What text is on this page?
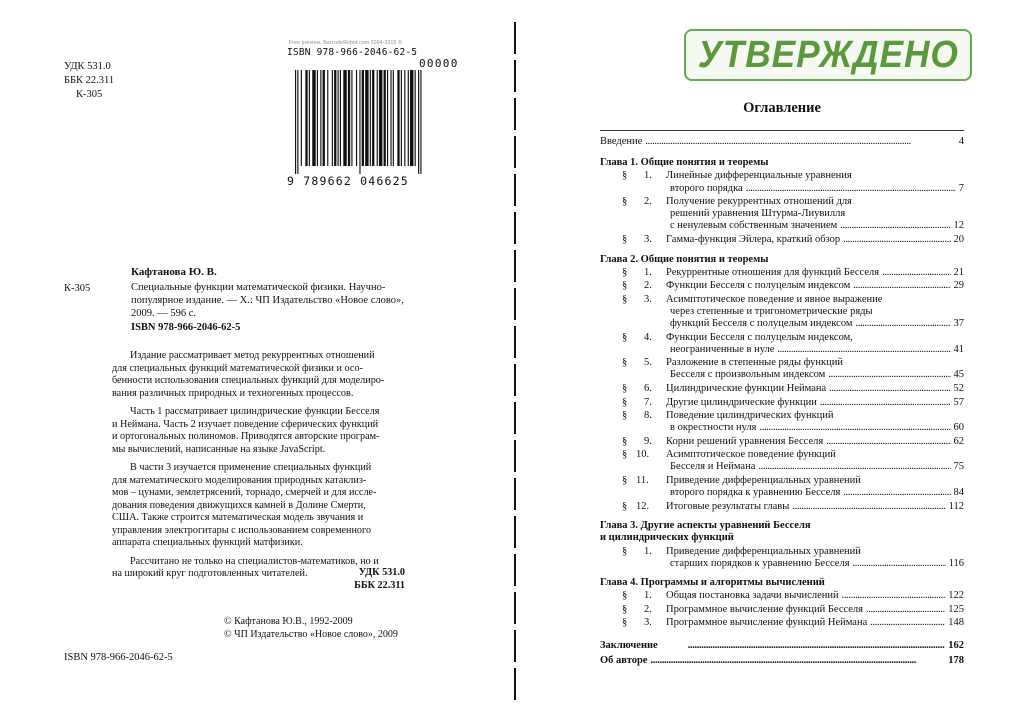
УДК 531.0
ББК 22.311
К-305
Free preview. BarcodeRobot.com 2004-2015 ©
ISBN 978-966-2046-62-5
00000
9 789662 046625
Кафтанова Ю. В.
К-305	Специальные функции математической физики. Научно-
популярное издание. — Х.: ЧП Издательство «Новое слово»,
2009. — 596 с.
ISBN 978-966-2046-62-5

Издание рассматривает метод рекуррентных отношений
для специальных функций математической физики и осо-
бенности использования специальных функций для моделиро-
вания различных природных и техногенных процессов.

Часть 1 рассматривает цилиндрические функции Бесселя
и Неймана. Часть 2 изучает поведение сферических функций
и ортогональных полиномов. Приводятся авторские програм-
мы вычислений, написанные на языке JavaScript.

В части 3 изучается применение специальных функций
для математического моделирования природных катаклиз-
мов – цунами, землетрясений, торнадо, смерчей и для иссле-
дования поведения движущихся камней в Долине Смерти,
США. Также строится математическая модель звучания и
управления электрогитары с использованием современного
аппарата специальных функций матфизики.

Рассчитано не только на специалистов-математиков, но и
на широкий круг подготовленных читателей.	УДК 531.0
ББК 22.311
© Кафтанова Ю.В., 1992-2009
© ЧП Издательство «Новое слово», 2009
ISBN 978-966-2046-62-5
УТВЕРЖДЕНО
Оглавление
Введение . . .	4
Глава 1. Общие понятия и теоремы
§ 1.	Линейные дифференциальные уравнения
второго порядка . . .	7
§ 2.	Получение рекуррентных отношений для
решений уравнения Штурма-Лиувилля
с ненулевым собственным значением . . .	12
§ 3.	Гамма-функция Эйлера, краткий обзор . . .	20
Глава 2. Общие понятия и теоремы
§ 1.	Рекуррентные отношения для функций Бесселя . . .	21
§ 2.	Функции Бесселя с полуцелым индексом . . .	29
§ 3.	Асимптотическое поведение и явное выражение
через степенные и тригонометрические ряды
функций Бесселя с полуцелым индексом . . .	37
§ 4.	Функции Бесселя с полуцелым индексом,
неограниченные в нуле . . .	41
§ 5.	Разложение в степенные ряды функций
Бесселя с произвольным индексом . . .	45
§ 6.	Цилиндрические функции Неймана . . .	52
§ 7.	Другие цилиндрические функции . . .	57
§ 8.	Поведение цилиндрических функций
в окрестности нуля . . .	60
§ 9.	Корни решений уравнения Бесселя . . .	62
§ 10.	Асимптотическое поведение функций
Бесселя и Неймана . . .	75
§ 11.	Приведение дифференциальных уравнений
второго порядка к уравнению Бесселя . . .	84
§ 12.	Итоговые результаты главы . . .	112
Глава 3. Другие аспекты уравнений Бесселя
и цилиндрических функций
§ 1.	Приведение дифференциальных уравнений
старших порядков к уравнению Бесселя . . .	116
Глава 4. Программы и алгоритмы вычислений
§ 1.	Общая постановка задачи вычислений . . .	122
§ 2.	Программное вычисление функций Бесселя . . .	125
§ 3.	Программное вычисление функций Неймана . . .	148
Заключение . . .	162
Об авторе . . .	178
